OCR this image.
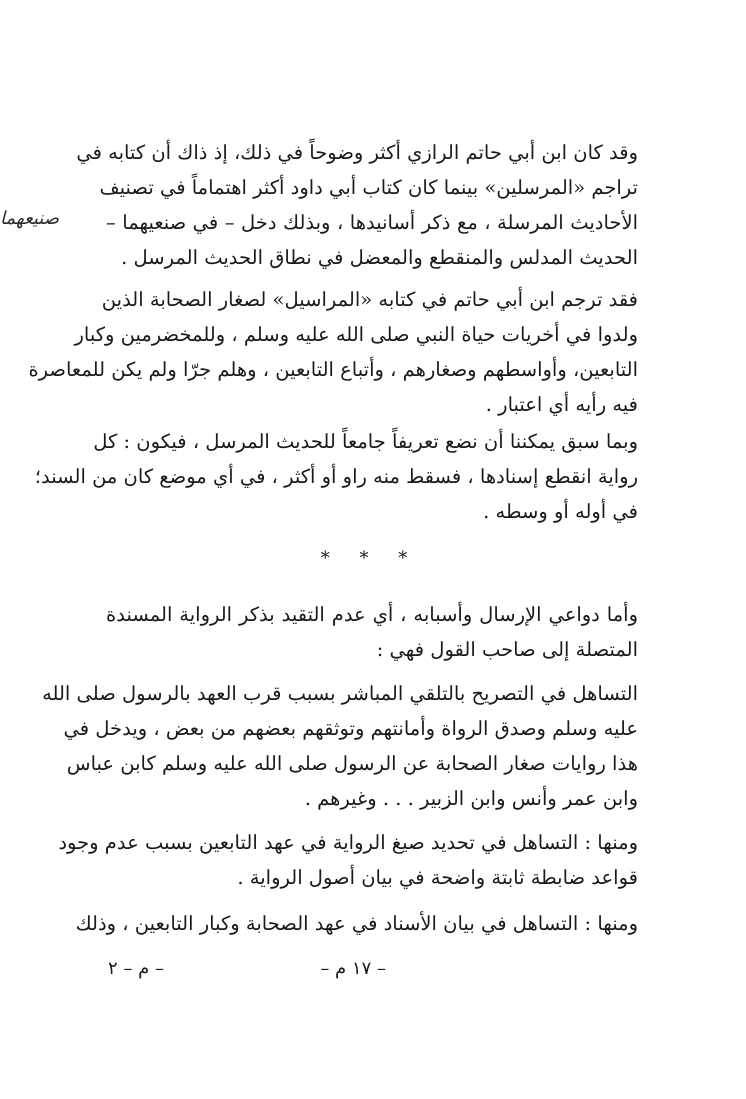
صنيعهما
وقد كان ابن أبي حاتم الرازي أكثر وضوحاً في ذلك، إذ ذاك أن كتابه في
تراجم «المرسلين» بينما كان كتاب أبي داود أكثر اهتماماً في تصنيف
الأحاديث المرسلة ، مع ذكر أسانيدها ، وبذلك دخل – في صنعيهما –
الحديث المدلس والمنقطع والمعضل في نطاق الحديث المرسل .
فقد ترجم ابن أبي حاتم في كتابه «المراسيل» لصغار الصحابة الذين
ولدوا في أخريات حياة النبي صلى الله عليه وسلم ، وللمخضرمين وكبار
التابعين، وأواسطهم وصغارهم ، وأتباع التابعين ، وهلم جرّا ولم يكن للمعاصرة
فيه رأيه أي اعتبار .
وبما سبق يمكننا أن نضع تعريفاً جامعاً للحديث المرسل ، فيكون : كل
رواية انقطع إسنادها ، فسقط منه راو أو أكثر ، في أي موضع كان من السند؛
في أوله أو وسطه .
* * *
وأما دواعي الإرسال وأسبابه ، أي عدم التقيد بذكر الرواية المسندة
المتصلة إلى صاحب القول فهي :
التساهل في التصريح بالتلقي المباشر بسبب قرب العهد بالرسول صلى الله
عليه وسلم وصدق الرواة وأمانتهم وتوثقهم بعضهم من بعض ، ويدخل في
هذا روايات صغار الصحابة عن الرسول صلى الله عليه وسلم كابن عباس
وابن عمر وأنس وابن الزبير . . . وغيرهم .
ومنها : التساهل في تحديد صيغ الرواية في عهد التابعين بسبب عدم وجود
قواعد ضابطة ثابتة واضحة في بيان أصول الرواية .
ومنها : التساهل في بيان الأسناد في عهد الصحابة وكبار التابعين ، وذلك
– ١٧ م –
– م – ٢
